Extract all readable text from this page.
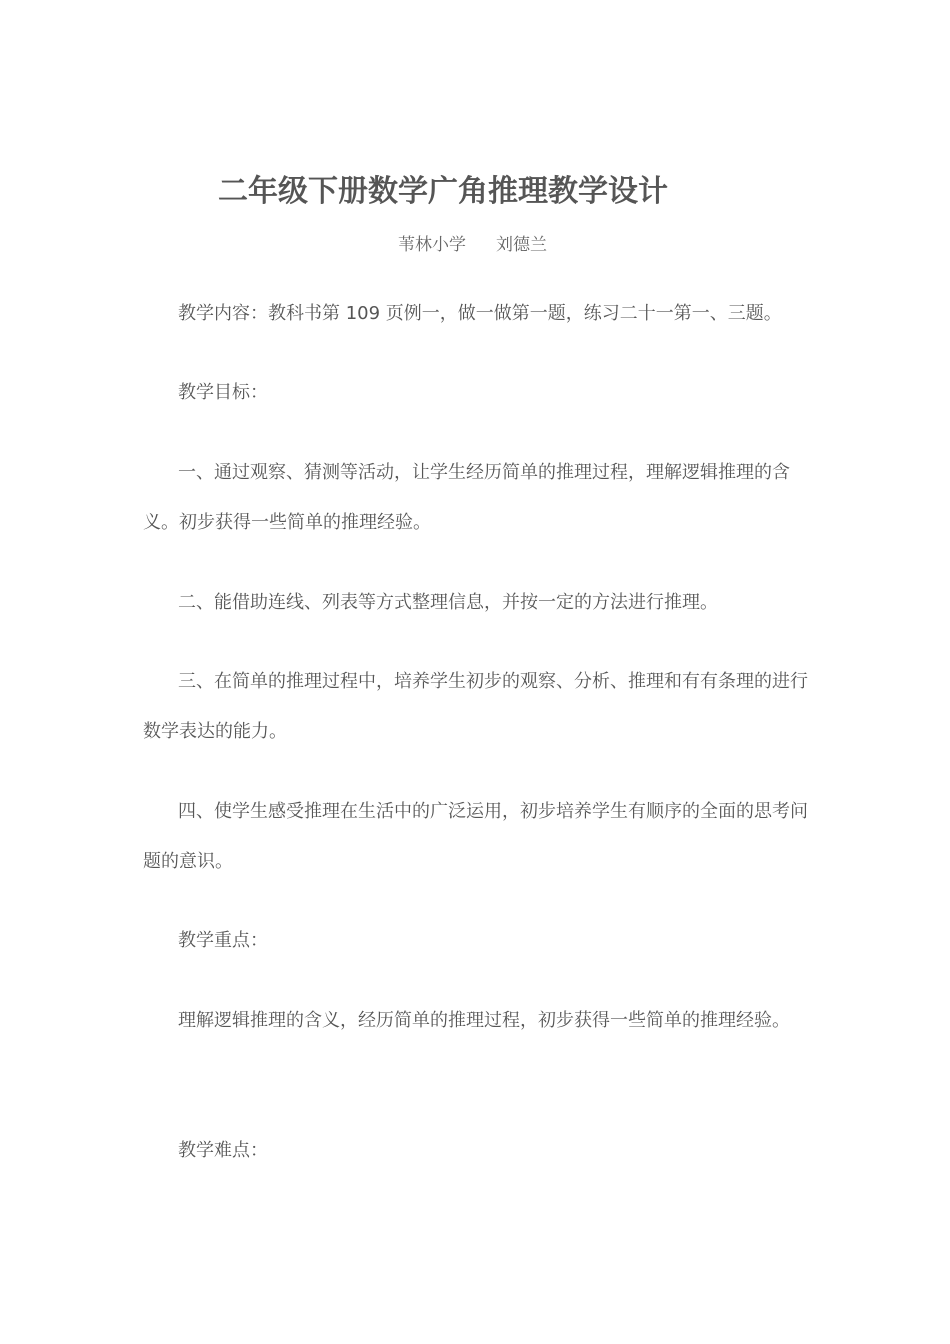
二年级下册数学广角推理教学设计
苇林小学 刘德兰
教学内容：教科书第 109 页例一，做一做第一题，练习二十一第一、三题。
教学目标：
一、通过观察、猜测等活动，让学生经历简单的推理过程，理解逻辑推理的含义。初步获得一些简单的推理经验。
二、能借助连线、列表等方式整理信息，并按一定的方法进行推理。
三、在简单的推理过程中，培养学生初步的观察、分析、推理和有有条理的进行数学表达的能力。
四、使学生感受推理在生活中的广泛运用，初步培养学生有顺序的全面的思考问题的意识。
教学重点：
理解逻辑推理的含义，经历简单的推理过程，初步获得一些简单的推理经验。
教学难点：
